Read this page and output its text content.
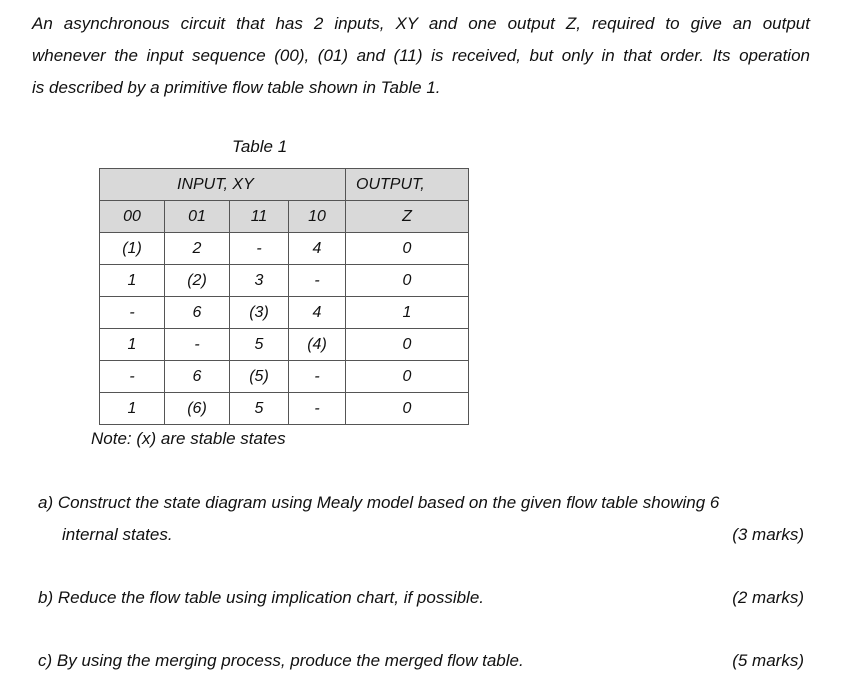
An asynchronous circuit that has 2 inputs, XY and one output Z, required to give an output
whenever the input sequence (00), (01) and (11) is received, but only in that order. Its operation
is described by a primitive flow table shown in Table 1.
Table 1
INPUT, XY				OUTPUT,
00	01	11	10	Z
(1)	2	-	4	0
1	(2)	3	-	0
-	6	(3)	4	1
1	-	5	(4)	0
-	6	(5)	-	0
1	(6)	5	-	0
Note: (x) are stable states
a) Construct the state diagram using Mealy model based on the given flow table showing 6
internal states.	(3 marks)
b) Reduce the flow table using implication chart, if possible.	(2 marks)
c) By using the merging process, produce the merged flow table.	(5 marks)
